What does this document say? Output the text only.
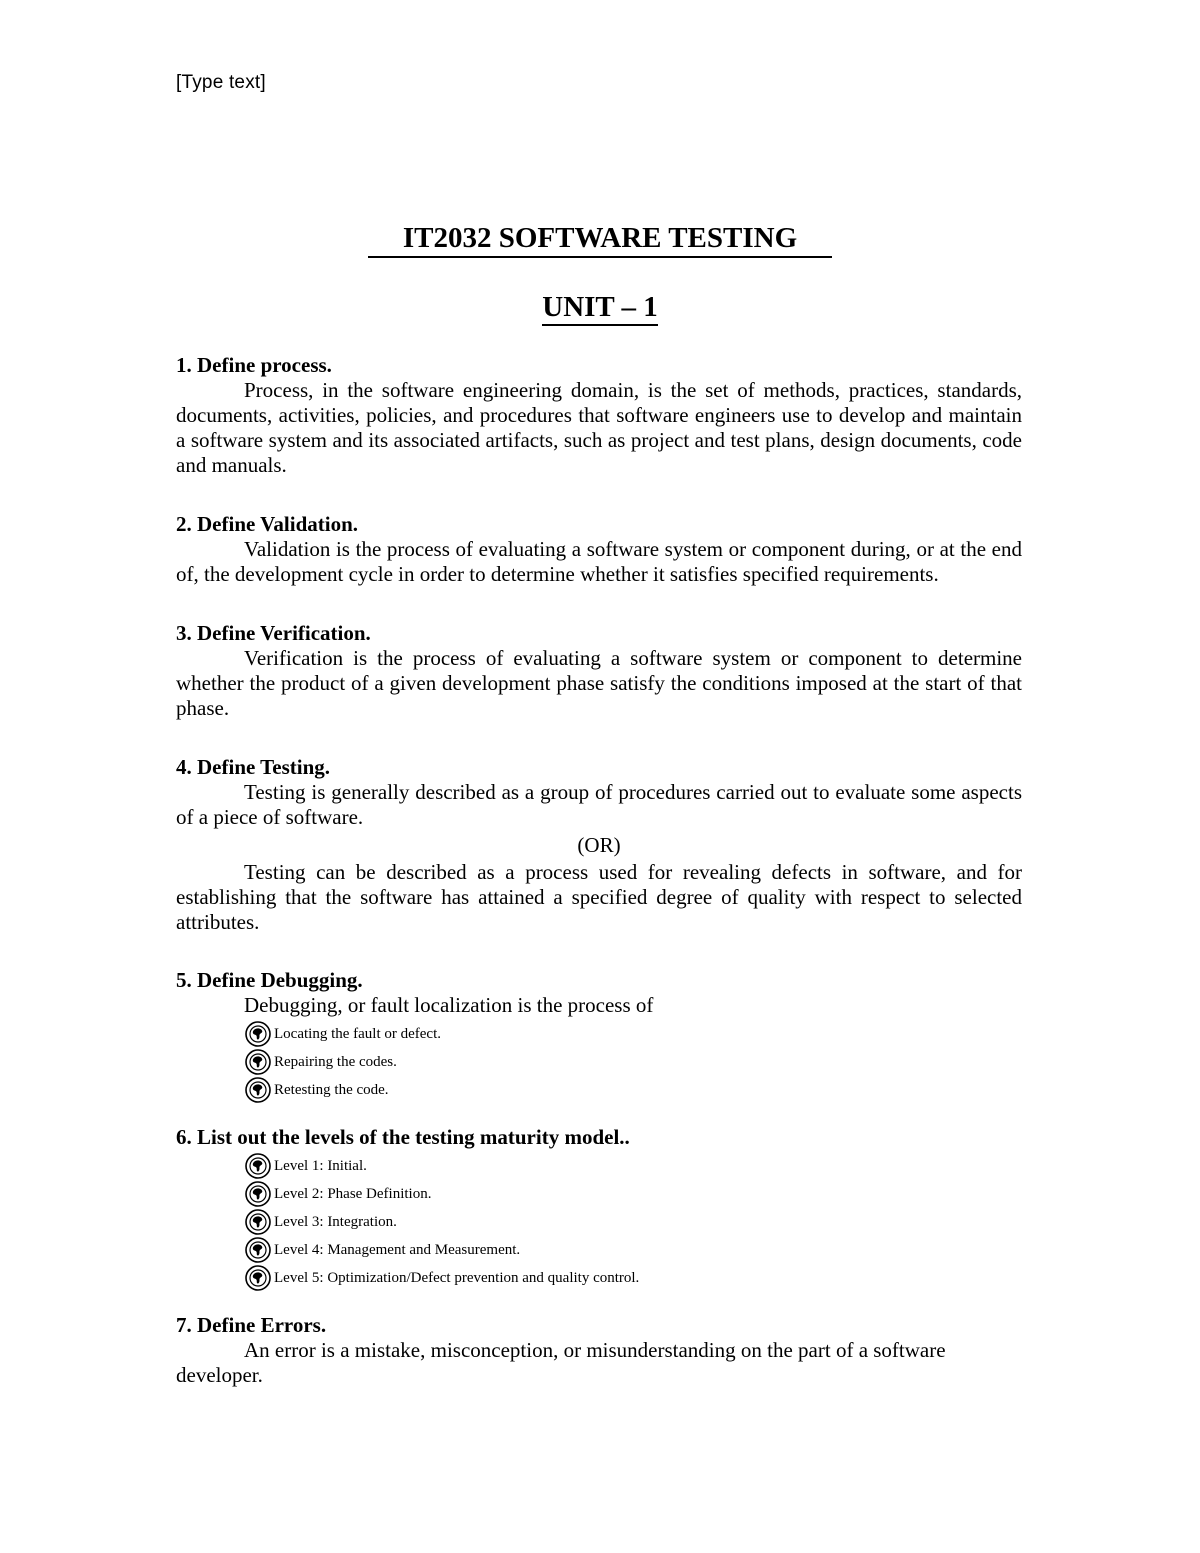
[Type text]
IT2032 SOFTWARE TESTING
UNIT – 1
1. Define process.
Process, in the software engineering domain, is the set of methods, practices, standards, documents, activities, policies, and procedures that software engineers use to develop and maintain a software system and its associated artifacts, such as project and test plans, design documents, code and manuals.
2. Define Validation.
Validation is the process of evaluating a software system or component during, or at the end of, the development cycle in order to determine whether it satisfies specified requirements.
3. Define Verification.
Verification is the process of evaluating a software system or component to determine whether the product of a given development phase satisfy the conditions imposed at the start of that phase.
4. Define Testing.
Testing is generally described as a group of procedures carried out to evaluate some aspects of a piece of software.
(OR)
Testing can be described as a process used for revealing defects in software, and for establishing that the software has attained a specified degree of quality with respect to selected attributes.
5. Define Debugging.
Debugging, or fault localization is the process of
Locating the fault or defect.
Repairing the codes.
Retesting the code.
6. List out the levels of the testing maturity model..
Level 1: Initial.
Level 2: Phase Definition.
Level 3: Integration.
Level 4: Management and Measurement.
Level 5: Optimization/Defect prevention and quality control.
7. Define Errors.
An error is a mistake, misconception, or misunderstanding on the part of a software developer.
